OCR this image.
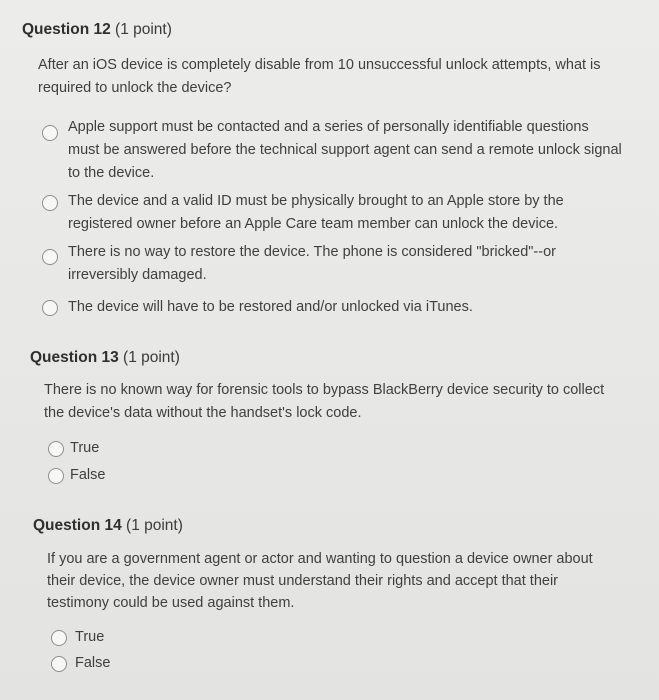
Question 12 (1 point)

After an iOS device is completely disable from 10 unsuccessful unlock attempts, what is required to unlock the device?

Apple support must be contacted and a series of personally identifiable questions must be answered before the technical support agent can send a remote unlock signal to the device.
The device and a valid ID must be physically brought to an Apple store by the registered owner before an Apple Care team member can unlock the device.
There is no way to restore the device. The phone is considered "bricked"--or irreversibly damaged.
The device will have to be restored and/or unlocked via iTunes.
Question 13 (1 point)

There is no known way for forensic tools to bypass BlackBerry device security to collect the device's data without the handset's lock code.

True
False
Question 14 (1 point)

If you are a government agent or actor and wanting to question a device owner about their device, the device owner must understand their rights and accept that their testimony could be used against them.

True
False
